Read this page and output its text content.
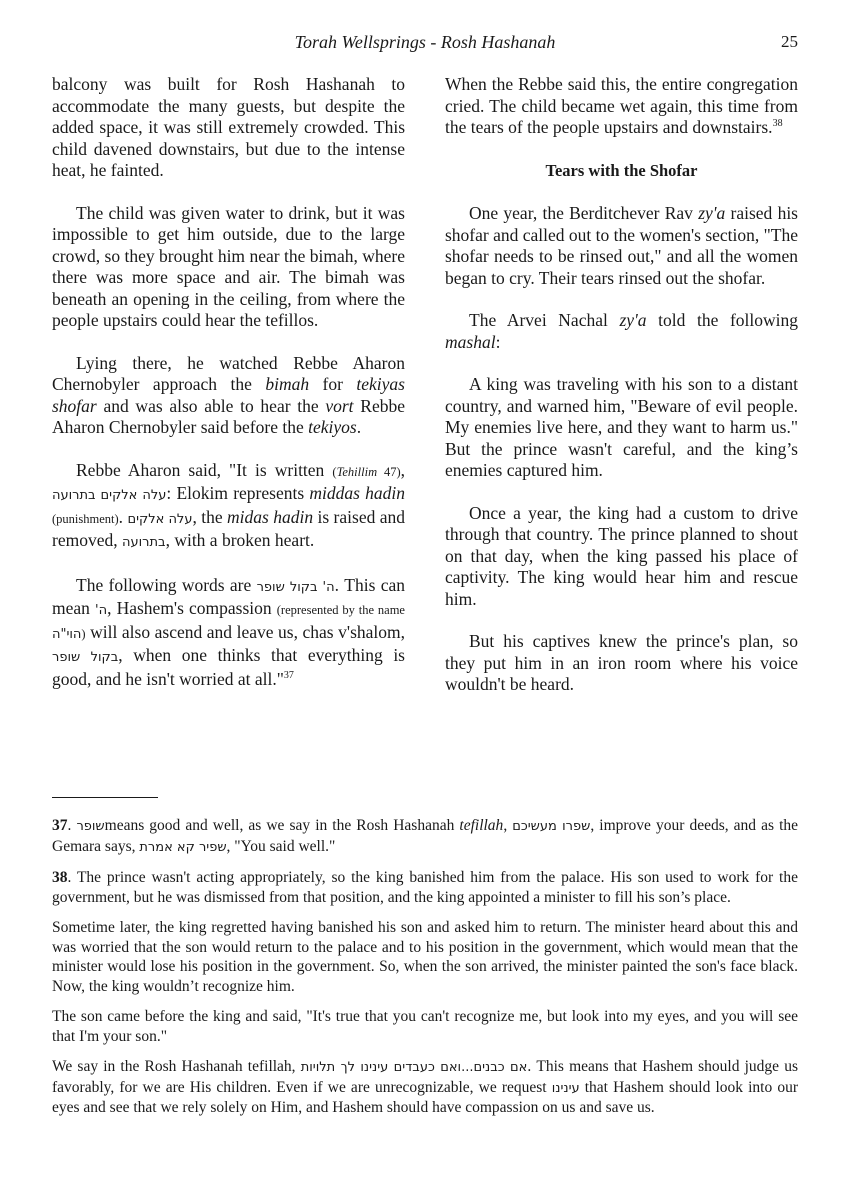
Torah Wellsprings - Rosh Hashanah	25

balcony was built for Rosh Hashanah to accommodate the many guests, but despite the added space, it was still extremely crowded. This child davened downstairs, but due to the intense heat, he fainted.

The child was given water to drink, but it was impossible to get him outside, due to the large crowd, so they brought him near the bimah, where there was more space and air. The bimah was beneath an opening in the ceiling, from where the people upstairs could hear the tefillos.

Lying there, he watched Rebbe Aharon Chernobyler approach the bimah for tekiyas shofar and was also able to hear the vort Rebbe Aharon Chernobyler said before the tekiyos.

Rebbe Aharon said, "It is written (Tehillim 47), עלה אלקים בתרועה: Elokim represents middas hadin (punishment). עלה אלקים, the midas hadin is raised and removed, בתרועה, with a broken heart.

The following words are ה' בקול שופר. This can mean ה', Hashem's compassion (represented by the name הוי"ה) will also ascend and leave us, chas v'shalom, בקול שופר, when one thinks that everything is good, and he isn't worried at all."$^{37}$

When the Rebbe said this, the entire congregation cried. The child became wet again, this time from the tears of the people upstairs and downstairs.$^{38}$

Tears with the Shofar

One year, the Berditchever Rav zy'a raised his shofar and called out to the women's section, "The shofar needs to be rinsed out," and all the women began to cry. Their tears rinsed out the shofar.

The Arvei Nachal zy'a told the following mashal:

A king was traveling with his son to a distant country, and warned him, "Beware of evil people. My enemies live here, and they want to harm us." But the prince wasn't careful, and the king’s enemies captured him.

Once a year, the king had a custom to drive through that country. The prince planned to shout on that day, when the king passed his place of captivity. The king would hear him and rescue him.

But his captives knew the prince's plan, so they put him in an iron room where his voice wouldn't be heard.

37. שופרmeans good and well, as we say in the Rosh Hashanah tefillah, שפרו מעשיכם, improve your deeds, and as the Gemara says, שפיר קא אמרת, "You said well."

38. The prince wasn't acting appropriately, so the king banished him from the palace. His son used to work for the government, but he was dismissed from that position, and the king appointed a minister to fill his son’s place.

Sometime later, the king regretted having banished his son and asked him to return. The minister heard about this and was worried that the son would return to the palace and to his position in the government, which would mean that the minister would lose his position in the government. So, when the son arrived, the minister painted the son's face black. Now, the king wouldn’t recognize him.

The son came before the king and said, "It's true that you can't recognize me, but look into my eyes, and you will see that I'm your son."

We say in the Rosh Hashanah tefillah, אם כבנים...ואם כעבדים עינינו לך תלויות. This means that Hashem should judge us favorably, for we are His children. Even if we are unrecognizable, we request עינינו that Hashem should look into our eyes and see that we rely solely on Him, and Hashem should have compassion on us and save us.
